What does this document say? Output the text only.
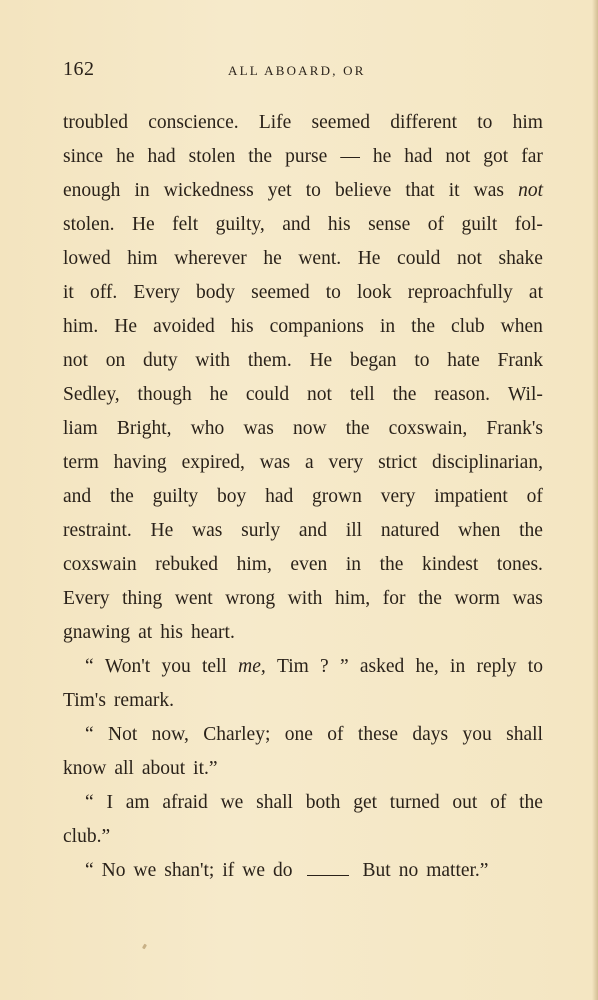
162	ALL ABOARD, OR
troubled conscience. Life seemed different to him
since he had stolen the purse — he had not got far
enough in wickedness yet to believe that it was not
stolen. He felt guilty, and his sense of guilt fol-
lowed him wherever he went. He could not shake
it off. Every body seemed to look reproachfully at
him. He avoided his companions in the club when
not on duty with them. He began to hate Frank
Sedley, though he could not tell the reason. Wil-
liam Bright, who was now the coxswain, Frank's
term having expired, was a very strict disciplinarian,
and the guilty boy had grown very impatient of
restraint. He was surly and ill natured when the
coxswain rebuked him, even in the kindest tones.
Every thing went wrong with him, for the worm was
gnawing at his heart.
“ Won't you tell me, Tim ? ” asked he, in reply to
Tim's remark.
“ Not now, Charley; one of these days you shall
know all about it.”
“ I am afraid we shall both get turned out of the
club.”
“ No we shan't; if we do	But no matter.”
